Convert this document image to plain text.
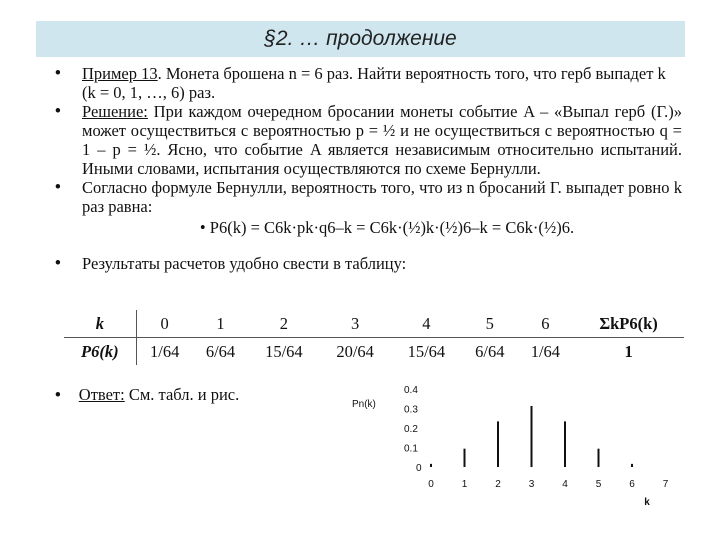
§2. … продолжение

• Пример 13. Монета брошена n = 6 раз. Найти вероятность того, что герб выпадет k (k = 0, 1, …, 6) раз.

• Решение: При каждом очередном бросании монеты событие A – «Выпал герб (Г.)» может осуществиться с вероятностью p = ½ и не осуществиться с вероятностью q = 1 – p = ½. Ясно, что событие A является независимым относительно испытаний. Иными словами, испытания осуществляются по схеме Бернулли.

• Согласно формуле Бернулли, вероятность того, что из n бросаний Г. выпадет ровно k раз равна:

• P6(k) = C6k·pk·q6–k = C6k·(½)k·(½)6–k = C6k·(½)6.

• Результаты расчетов удобно свести в таблицу:

k	0	1	2	3	4	5	6	ΣkP6(k)
P6(k)	1/64	6/64	15/64	20/64	15/64	6/64	1/64	1
• Ответ: См. табл. и рис.
Pn(k)
0
0.1
0.2
0.3
0.4
0	1	2	3	4	5	6	7
k
